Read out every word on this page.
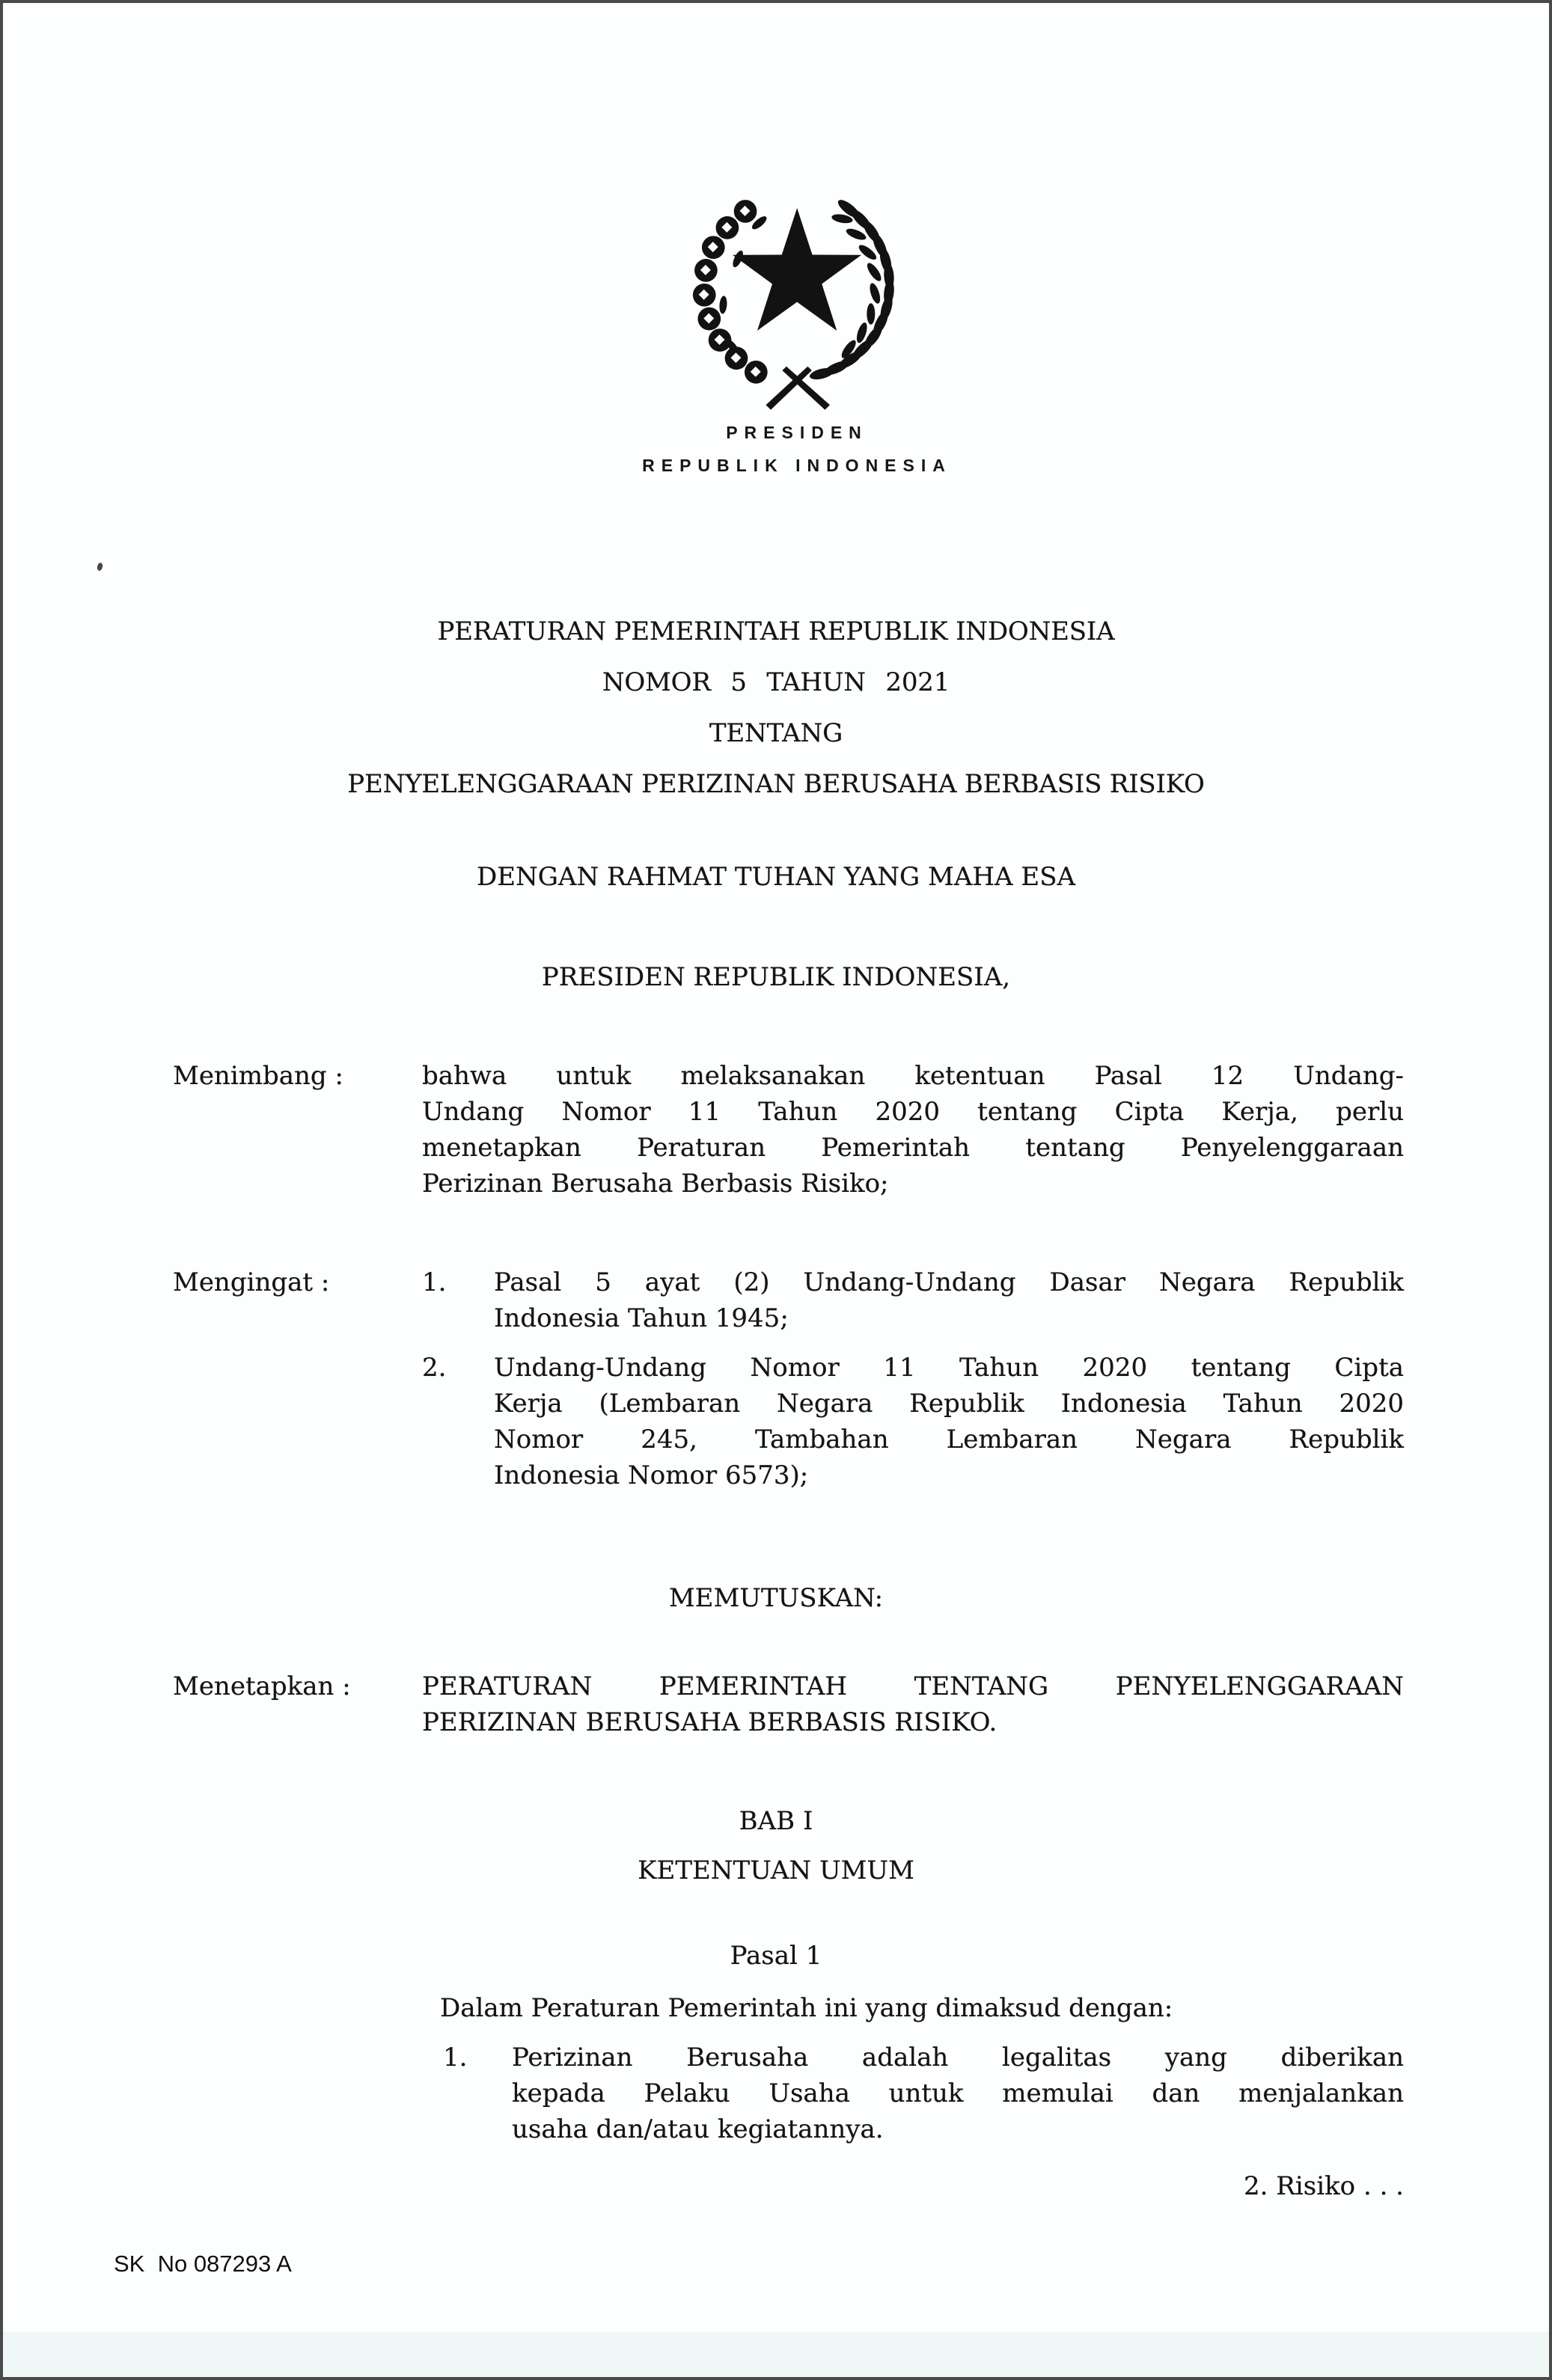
PRESIDEN
REPUBLIK INDONESIA
PERATURAN PEMERINTAH REPUBLIK INDONESIA
NOMOR 5 TAHUN 2021
TENTANG
PENYELENGGARAAN PERIZINAN BERUSAHA BERBASIS RISIKO
DENGAN RAHMAT TUHAN YANG MAHA ESA
PRESIDEN REPUBLIK INDONESIA,
Menimbang :	bahwa untuk melaksanakan ketentuan Pasal 12 Undang-
Undang Nomor 11 Tahun 2020 tentang Cipta Kerja, perlu
menetapkan Peraturan Pemerintah tentang Penyelenggaraan
Perizinan Berusaha Berbasis Risiko;
Mengingat :	1.	Pasal 5 ayat (2) Undang-Undang Dasar Negara Republik
Indonesia Tahun 1945;
2.	Undang-Undang Nomor 11 Tahun 2020 tentang Cipta
Kerja (Lembaran Negara Republik Indonesia Tahun 2020
Nomor 245, Tambahan Lembaran Negara Republik
Indonesia Nomor 6573);
MEMUTUSKAN:
Menetapkan :	PERATURAN PEMERINTAH TENTANG PENYELENGGARAAN
PERIZINAN BERUSAHA BERBASIS RISIKO.
BAB I
KETENTUAN UMUM
Pasal 1
Dalam Peraturan Pemerintah ini yang dimaksud dengan:
1.	Perizinan Berusaha adalah legalitas yang diberikan
kepada Pelaku Usaha untuk memulai dan menjalankan
usaha dan/atau kegiatannya.
2. Risiko . . .
SK  No 087293 A
